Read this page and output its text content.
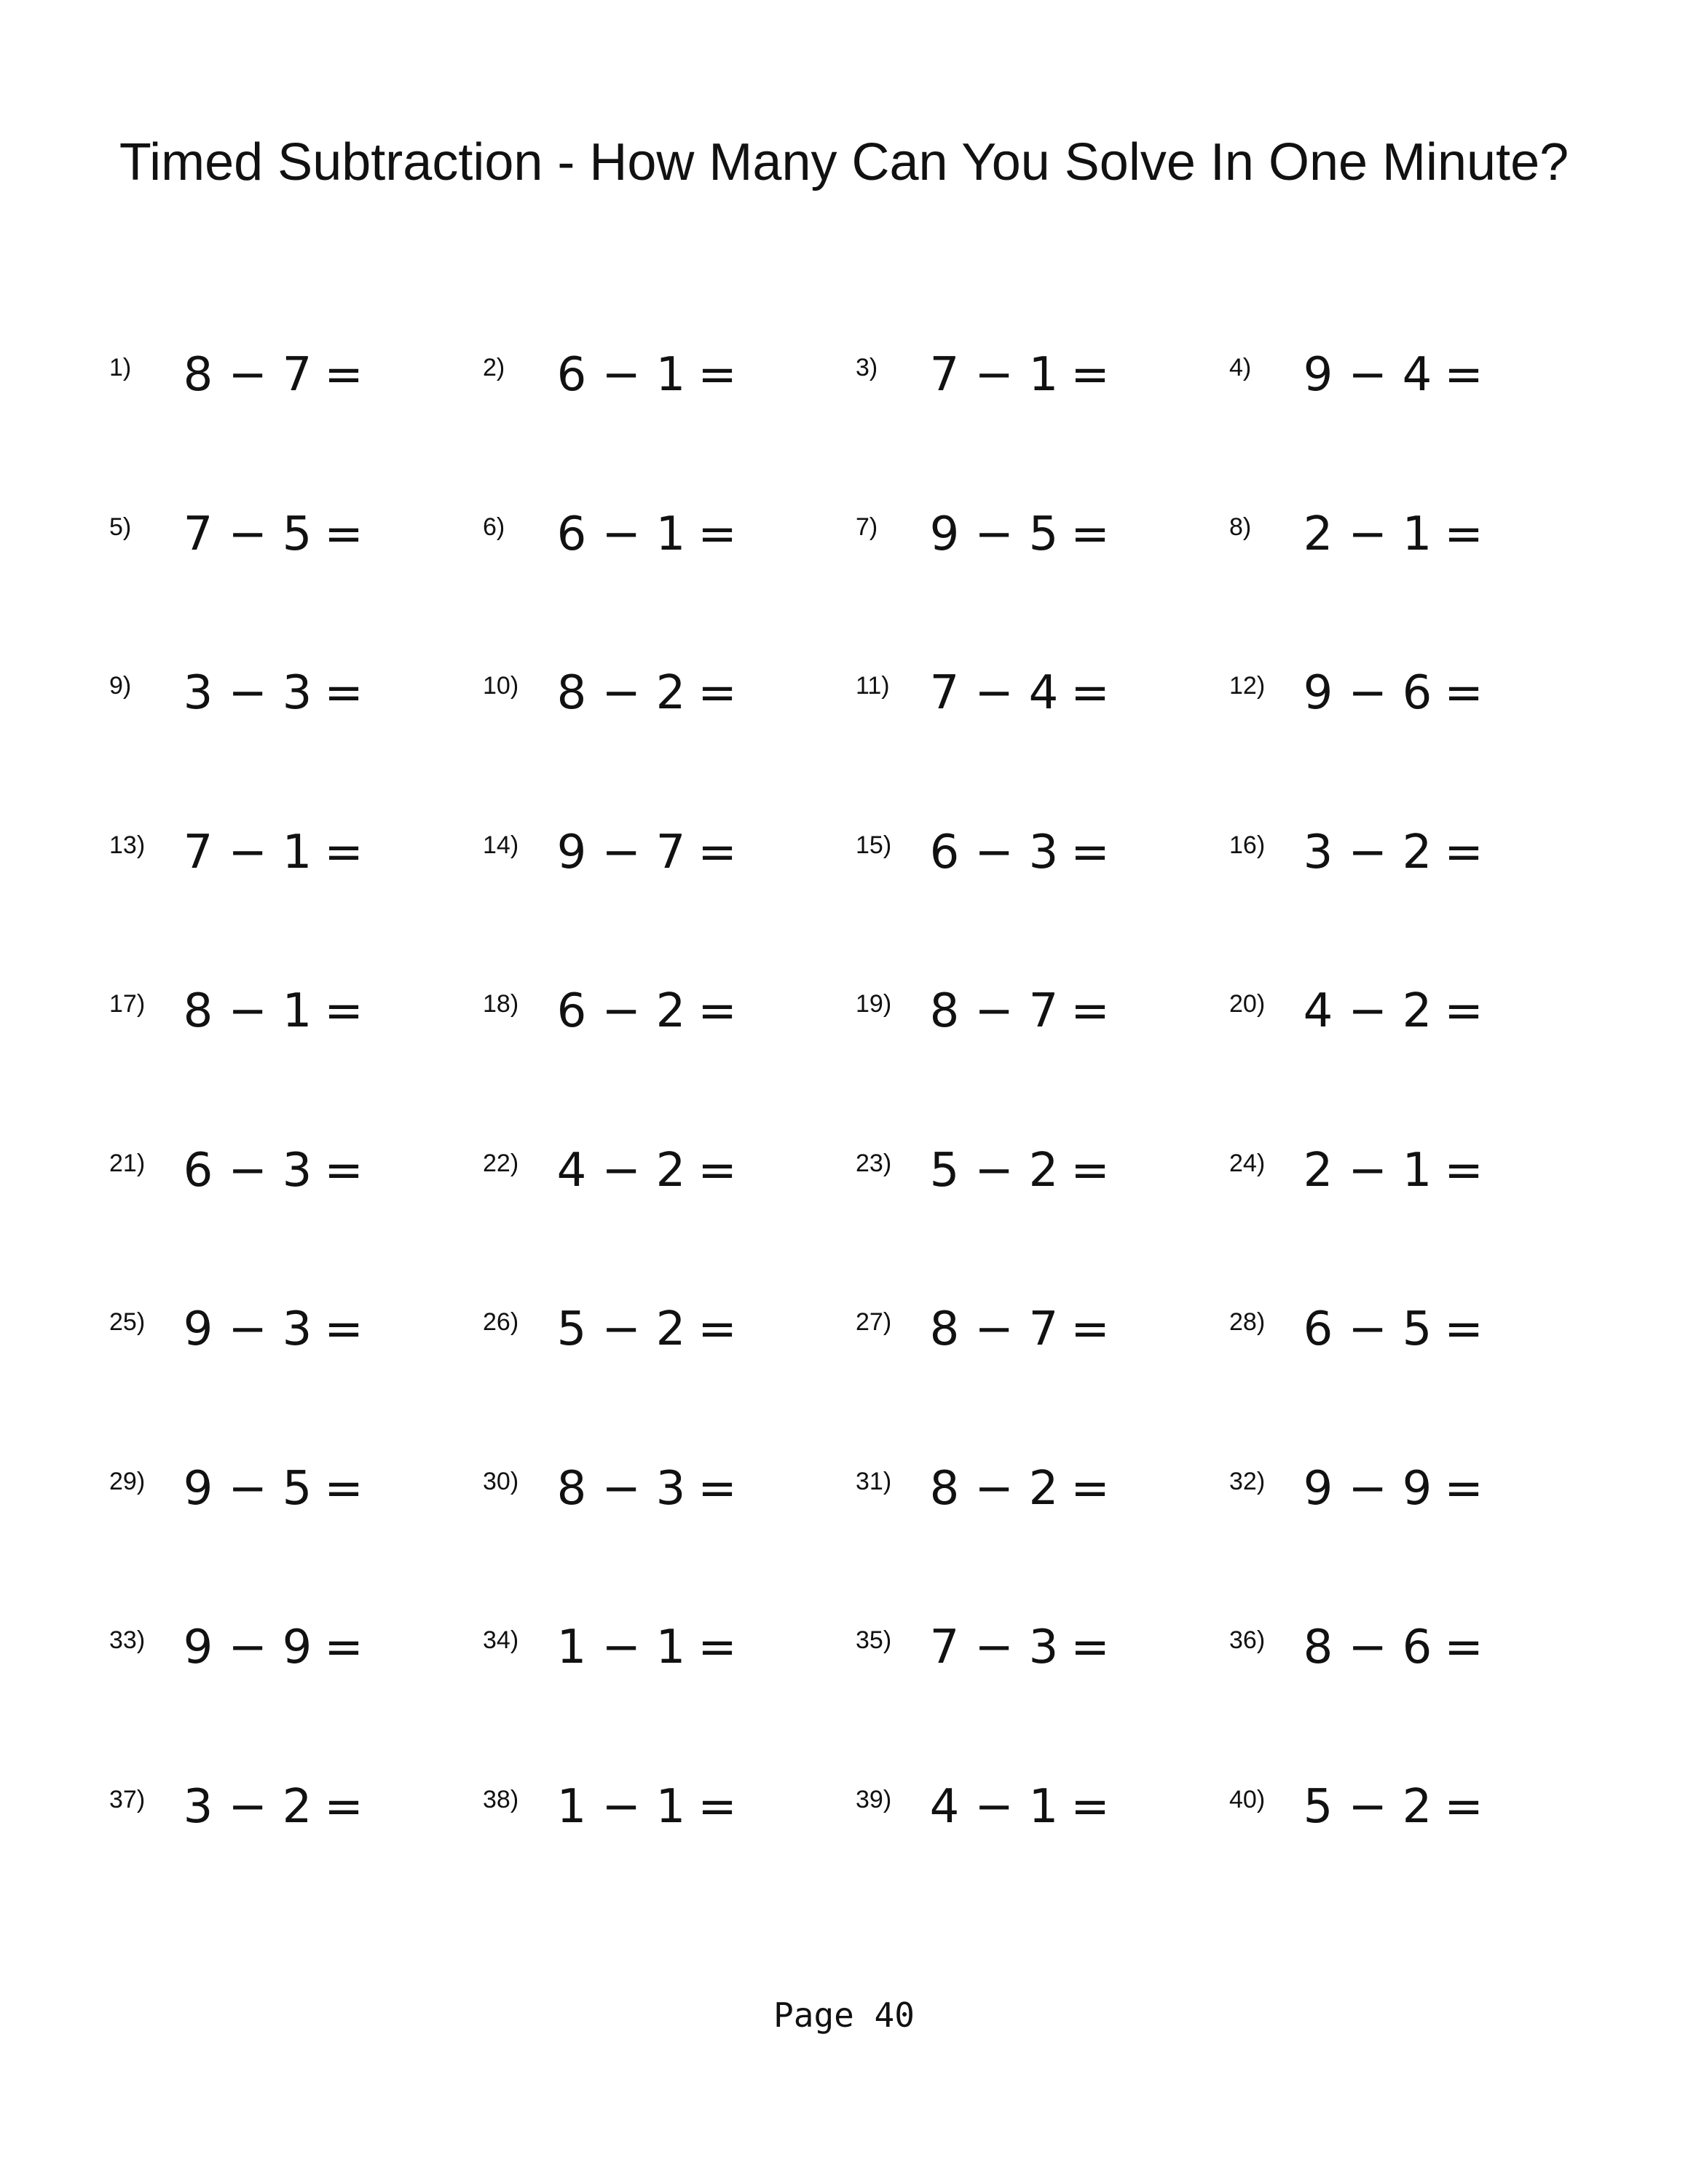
Timed Subtraction - How Many Can You Solve In One Minute?
1) 8 − 7 =	2) 6 − 1 =	3) 7 − 1 =	4) 9 − 4 =
5) 7 − 5 =	6) 6 − 1 =	7) 9 − 5 =	8) 2 − 1 =
9) 3 − 3 =	10) 8 − 2 =	11) 7 − 4 =	12) 9 − 6 =
13) 7 − 1 =	14) 9 − 7 =	15) 6 − 3 =	16) 3 − 2 =
17) 8 − 1 =	18) 6 − 2 =	19) 8 − 7 =	20) 4 − 2 =
21) 6 − 3 =	22) 4 − 2 =	23) 5 − 2 =	24) 2 − 1 =
25) 9 − 3 =	26) 5 − 2 =	27) 8 − 7 =	28) 6 − 5 =
29) 9 − 5 =	30) 8 − 3 =	31) 8 − 2 =	32) 9 − 9 =
33) 9 − 9 =	34) 1 − 1 =	35) 7 − 3 =	36) 8 − 6 =
37) 3 − 2 =	38) 1 − 1 =	39) 4 − 1 =	40) 5 − 2 =
Page 40
